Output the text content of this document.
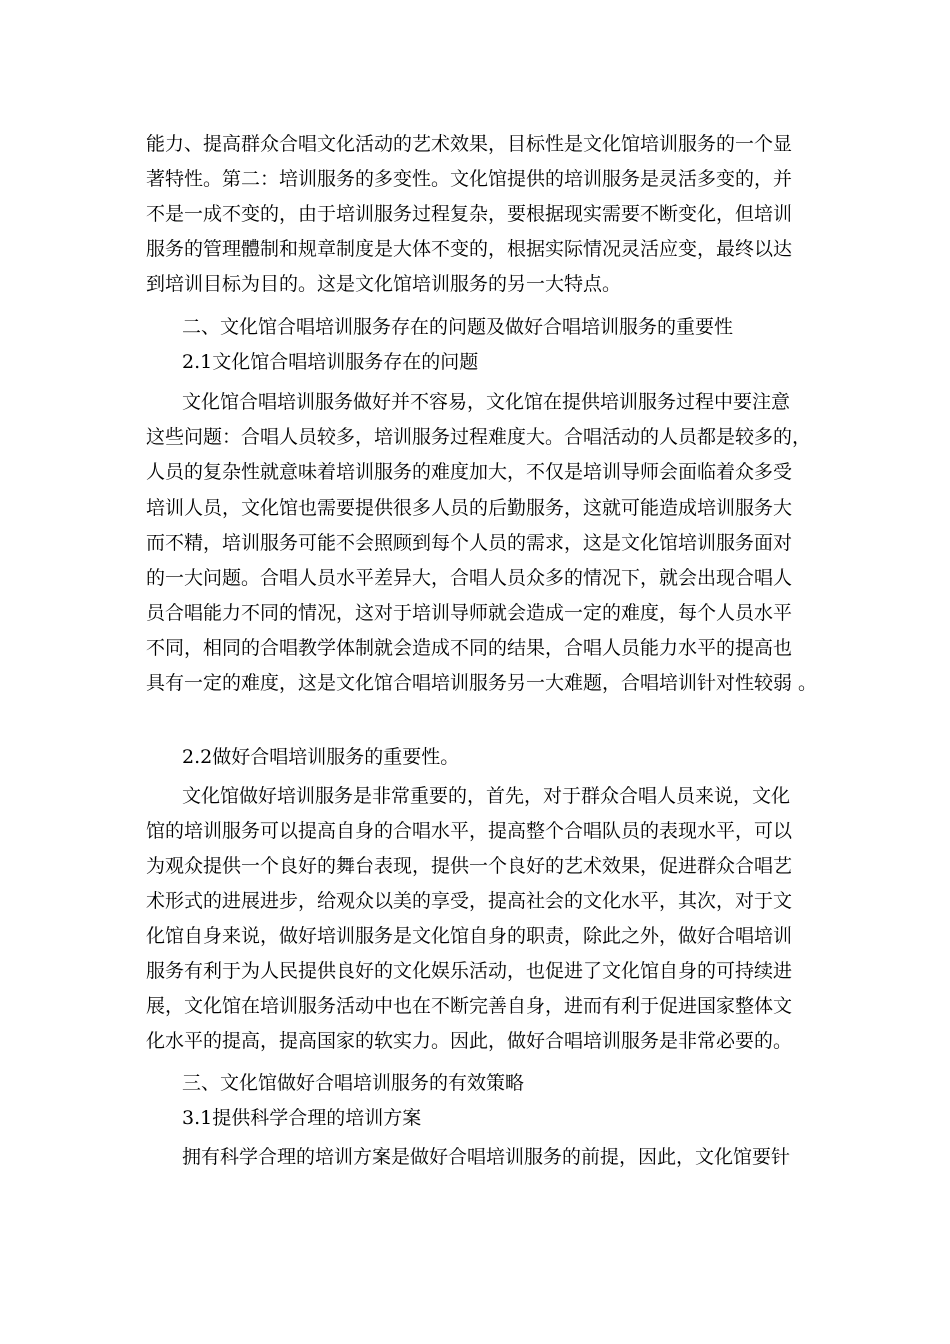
能力、提高群众合唱文化活动的艺术效果，目标性是文化馆培训服务的一个显
著特性。第二：培训服务的多变性。文化馆提供的培训服务是灵活多变的，并
不是一成不变的，由于培训服务过程复杂，要根据现实需要不断变化，但培训
服务的管理體制和规章制度是大体不变的，根据实际情况灵活应变，最终以达
到培训目标为目的。这是文化馆培训服务的另一大特点。
二、文化馆合唱培训服务存在的问题及做好合唱培训服务的重要性
2.1文化馆合唱培训服务存在的问题
文化馆合唱培训服务做好并不容易，文化馆在提供培训服务过程中要注意
这些问题：合唱人员较多，培训服务过程难度大。合唱活动的人员都是较多的，
人员的复杂性就意味着培训服务的难度加大，不仅是培训导师会面临着众多受
培训人员，文化馆也需要提供很多人员的后勤服务，这就可能造成培训服务大
而不精，培训服务可能不会照顾到每个人员的需求，这是文化馆培训服务面对
的一大问题。合唱人员水平差异大，合唱人员众多的情况下，就会出现合唱人
员合唱能力不同的情况，这对于培训导师就会造成一定的难度，每个人员水平
不同，相同的合唱教学体制就会造成不同的结果，合唱人员能力水平的提高也
具有一定的难度，这是文化馆合唱培训服务另一大难题，合唱培训针对性较弱 。
2.2做好合唱培训服务的重要性。
文化馆做好培训服务是非常重要的，首先，对于群众合唱人员来说，文化
馆的培训服务可以提高自身的合唱水平，提高整个合唱队员的表现水平，可以
为观众提供一个良好的舞台表现，提供一个良好的艺术效果，促进群众合唱艺
术形式的进展进步，给观众以美的享受，提高社会的文化水平，其次，对于文
化馆自身来说，做好培训服务是文化馆自身的职责，除此之外，做好合唱培训
服务有利于为人民提供良好的文化娱乐活动，也促进了文化馆自身的可持续进
展，文化馆在培训服务活动中也在不断完善自身，进而有利于促进国家整体文
化水平的提高，提高国家的软实力。因此，做好合唱培训服务是非常必要的。
三、文化馆做好合唱培训服务的有效策略
3.1提供科学合理的培训方案
拥有科学合理的培训方案是做好合唱培训服务的前提，因此，文化馆要针
